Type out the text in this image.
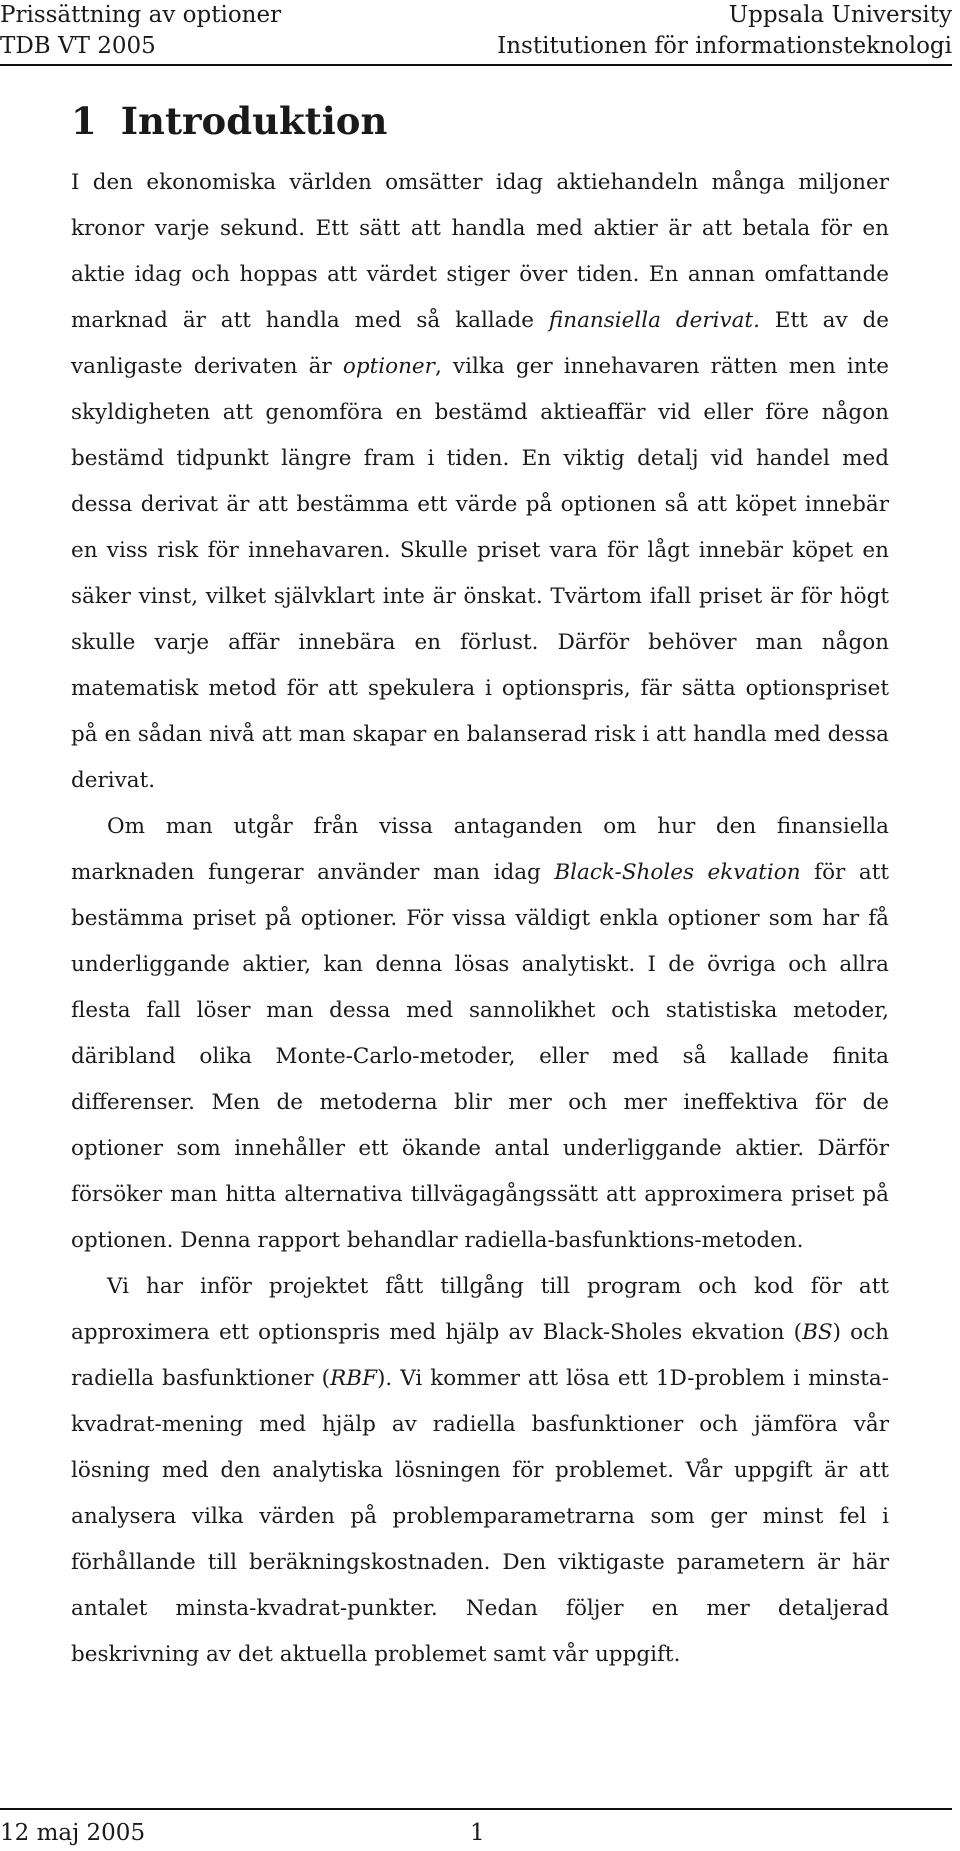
Prissättning av optioner
TDB VT 2005
Uppsala University
Institutionen för informationsteknologi
1 Introduktion

I den ekonomiska världen omsätter idag aktiehandeln många miljoner kronor varje sekund. Ett sätt att handla med aktier är att betala för en aktie idag och hoppas att värdet stiger över tiden. En annan omfattande marknad är att handla med så kallade finansiella derivat. Ett av de vanligaste derivaten är optioner, vilka ger innehavaren rätten men inte skyldigheten att genomföra en bestämd aktieaffär vid eller före någon bestämd tidpunkt längre fram i tiden. En viktig detalj vid handel med dessa derivat är att bestämma ett värde på optionen så att köpet innebär en viss risk för innehavaren. Skulle priset vara för lågt innebär köpet en säker vinst, vilket självklart inte är önskat. Tvärtom ifall priset är för högt skulle varje affär innebära en förlust. Därför behöver man någon matematisk metod för att spekulera i optionspris, fär sätta optionspriset på en sådan nivå att man skapar en balanserad risk i att handla med dessa derivat.

Om man utgår från vissa antaganden om hur den finansiella marknaden fungerar använder man idag Black-Sholes ekvation för att bestämma priset på optioner. För vissa väldigt enkla optioner som har få underliggande aktier, kan denna lösas analytiskt. I de övriga och allra flesta fall löser man dessa med sannolikhet och statistiska metoder, däribland olika Monte-Carlo-metoder, eller med så kallade finita differenser. Men de metoderna blir mer och mer ineffektiva för de optioner som innehåller ett ökande antal underliggande aktier. Därför försöker man hitta alternativa tillvägagångssätt att approximera priset på optionen. Denna rapport behandlar radiella-basfunktions-metoden.

Vi har inför projektet fått tillgång till program och kod för att approximera ett optionspris med hjälp av Black-Sholes ekvation (BS) och radiella basfunktioner (RBF). Vi kommer att lösa ett 1D-problem i minsta-kvadrat-mening med hjälp av radiella basfunktioner och jämföra vår lösning med den analytiska lösningen för problemet. Vår uppgift är att analysera vilka värden på problemparametrarna som ger minst fel i förhållande till beräkningskostnaden. Den viktigaste parametern är här antalet minsta-kvadrat-punkter. Nedan följer en mer detaljerad beskrivning av det aktuella problemet samt vår uppgift.

12 maj 2005	1
